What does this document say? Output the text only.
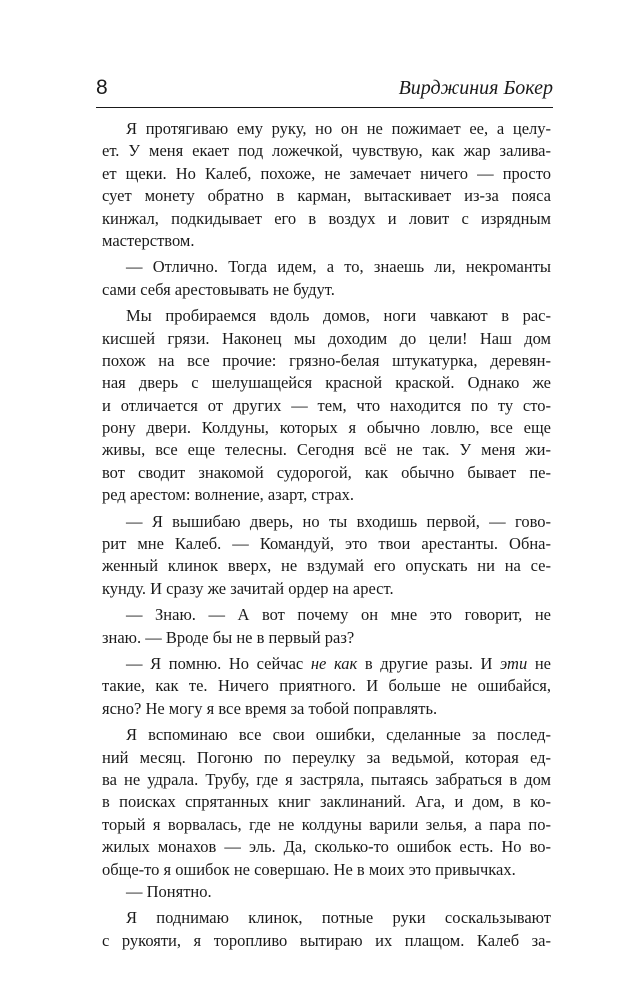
8	Вирджиния Бокер
Я протягиваю ему руку, но он не пожимает ее, а целу-
ет. У меня екает под ложечкой, чувствую, как жар залива-
ет щеки. Но Калеб, похоже, не замечает ничего — просто
сует монету обратно в карман, вытаскивает из-за пояса
кинжал, подкидывает его в воздух и ловит с изрядным
мастерством.
— Отлично. Тогда идем, а то, знаешь ли, некроманты
сами себя арестовывать не будут.
Мы пробираемся вдоль домов, ноги чавкают в рас-
кисшей грязи. Наконец мы доходим до цели! Наш дом
похож на все прочие: грязно-белая штукатурка, деревян-
ная дверь с шелушащейся красной краской. Однако же
и отличается от других — тем, что находится по ту сто-
рону двери. Колдуны, которых я обычно ловлю, все еще
живы, все еще телесны. Сегодня всё не так. У меня жи-
вот сводит знакомой судорогой, как обычно бывает пе-
ред арестом: волнение, азарт, страх.
— Я вышибаю дверь, но ты входишь первой, — гово-
рит мне Калеб. — Командуй, это твои арестанты. Обна-
женный клинок вверх, не вздумай его опускать ни на се-
кунду. И сразу же зачитай ордер на арест.
— Знаю. — А вот почему он мне это говорит, не
знаю. — Вроде бы не в первый раз?
— Я помню. Но сейчас не как в другие разы. И эти не
такие, как те. Ничего приятного. И больше не ошибайся,
ясно? Не могу я все время за тобой поправлять.
Я вспоминаю все свои ошибки, сделанные за послед-
ний месяц. Погоню по переулку за ведьмой, которая ед-
ва не удрала. Трубу, где я застряла, пытаясь забраться в дом
в поисках спрятанных книг заклинаний. Ага, и дом, в ко-
торый я ворвалась, где не колдуны варили зелья, а пара по-
жилых монахов — эль. Да, сколько-то ошибок есть. Но во-
обще-то я ошибок не совершаю. Не в моих это привычках.
— Понятно.
Я поднимаю клинок, потные руки соскальзывают
с рукояти, я торопливо вытираю их плащом. Калеб за-
